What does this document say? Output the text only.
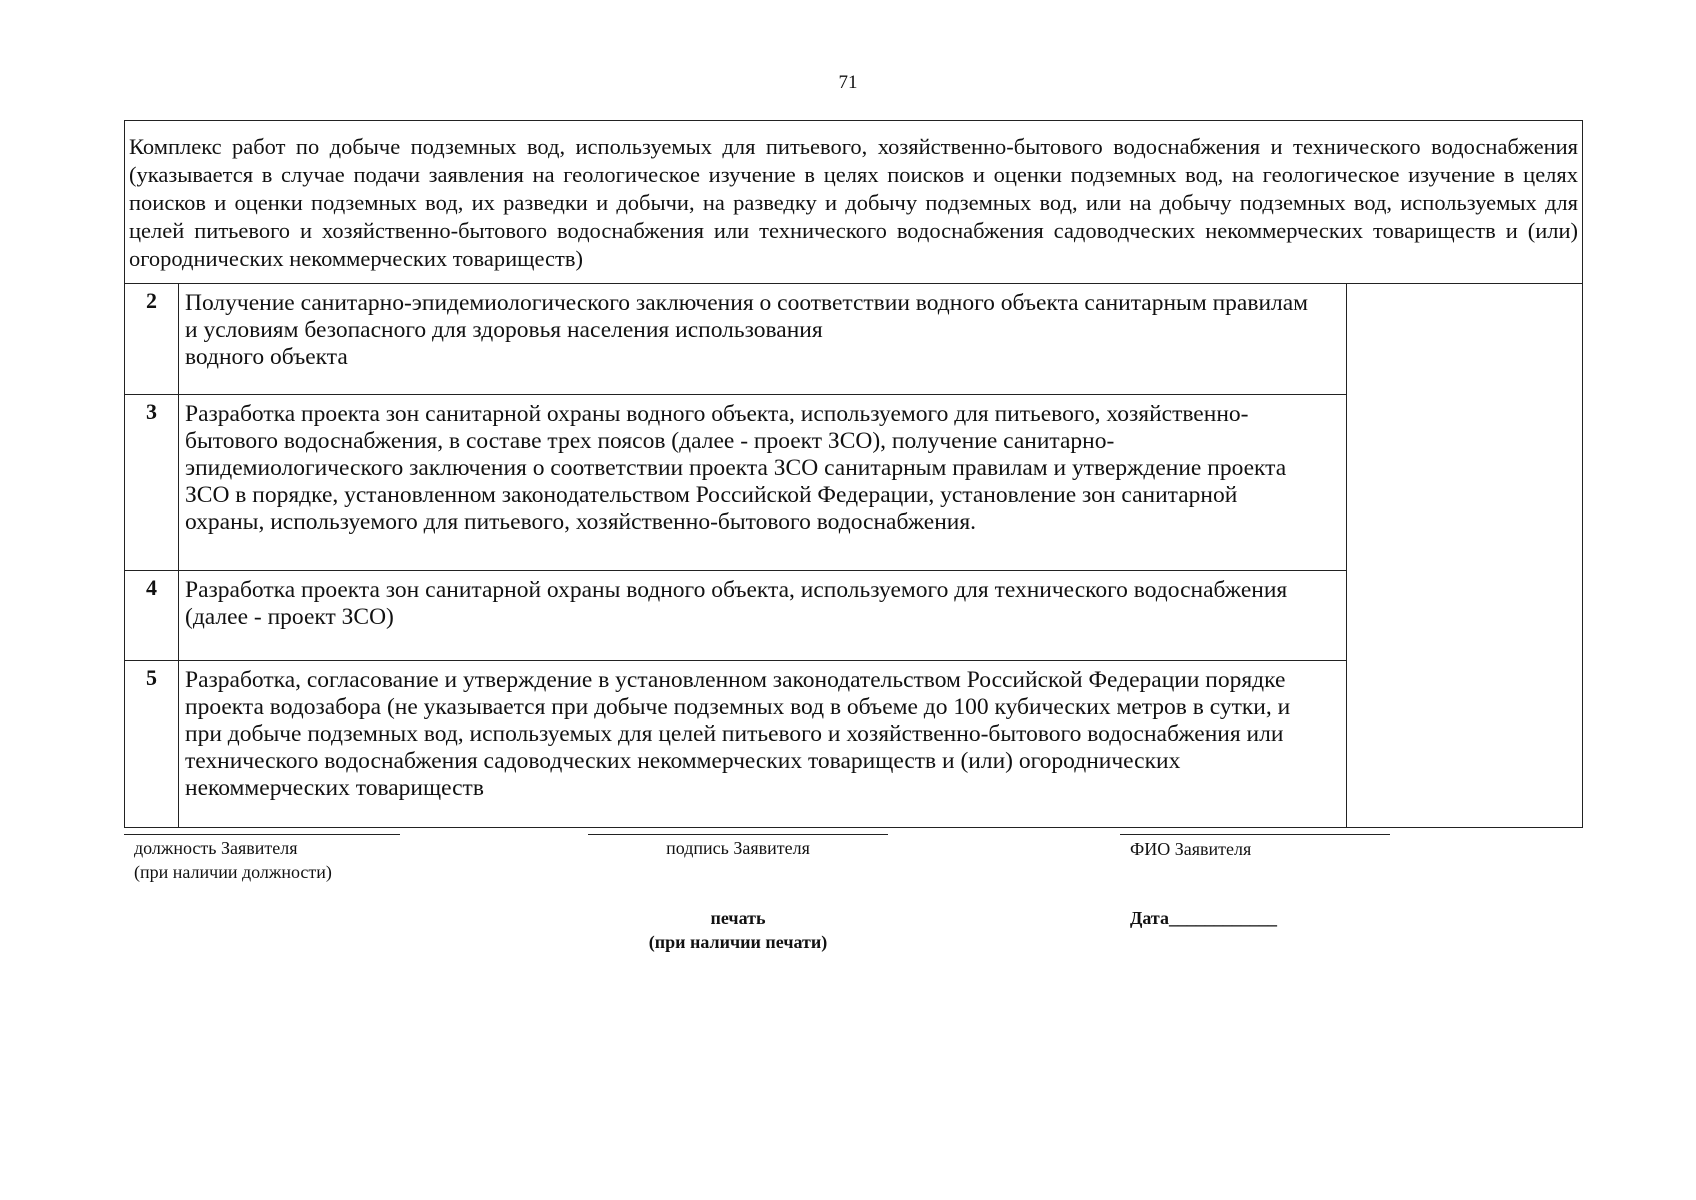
71
Комплекс работ по добыче подземных вод, используемых для питьевого, хозяйственно-бытового водоснабжения и технического водоснабжения (указывается в случае подачи заявления на геологическое изучение в целях поисков и оценки подземных вод, на геологическое изучение в целях поисков и оценки подземных вод, их разведки и добычи, на разведку и добычу подземных вод, или на добычу подземных вод, используемых для целей питьевого и хозяйственно-бытового водоснабжения или технического водоснабжения садоводческих некоммерческих товариществ и (или) огороднических некоммерческих товариществ)		
2	Получение санитарно-эпидемиологического заключения о соответствии водного объекта санитарным правилам
и условиям безопасного для здоровья населения использования
водного объекта	

3	Разработка проекта зон санитарной охраны водного объекта, используемого для питьевого, хозяйственно-
бытового водоснабжения, в составе трех поясов (далее - проект ЗСО), получение санитарно-
эпидемиологического заключения о соответствии проекта ЗСО санитарным правилам и утверждение проекта
ЗСО в порядке, установленном законодательством Российской Федерации, установление зон санитарной
охраны, используемого для питьевого, хозяйственно-бытового водоснабжения.	

4	Разработка проекта зон санитарной охраны водного объекта, используемого для технического водоснабжения
(далее - проект ЗСО)	

5	Разработка, согласование и утверждение в установленном законодательством Российской Федерации порядке
проекта водозабора (не указывается при добыче подземных вод в объеме до 100 кубических метров в сутки, и
при добыче подземных вод, используемых для целей питьевого и хозяйственно-бытового водоснабжения или
технического водоснабжения садоводческих некоммерческих товариществ и (или) огороднических
некоммерческих товариществ	
должность Заявителя
(при наличии должности)
подпись Заявителя	ФИО Заявителя
печать
(при наличии печати)
Дата____________
